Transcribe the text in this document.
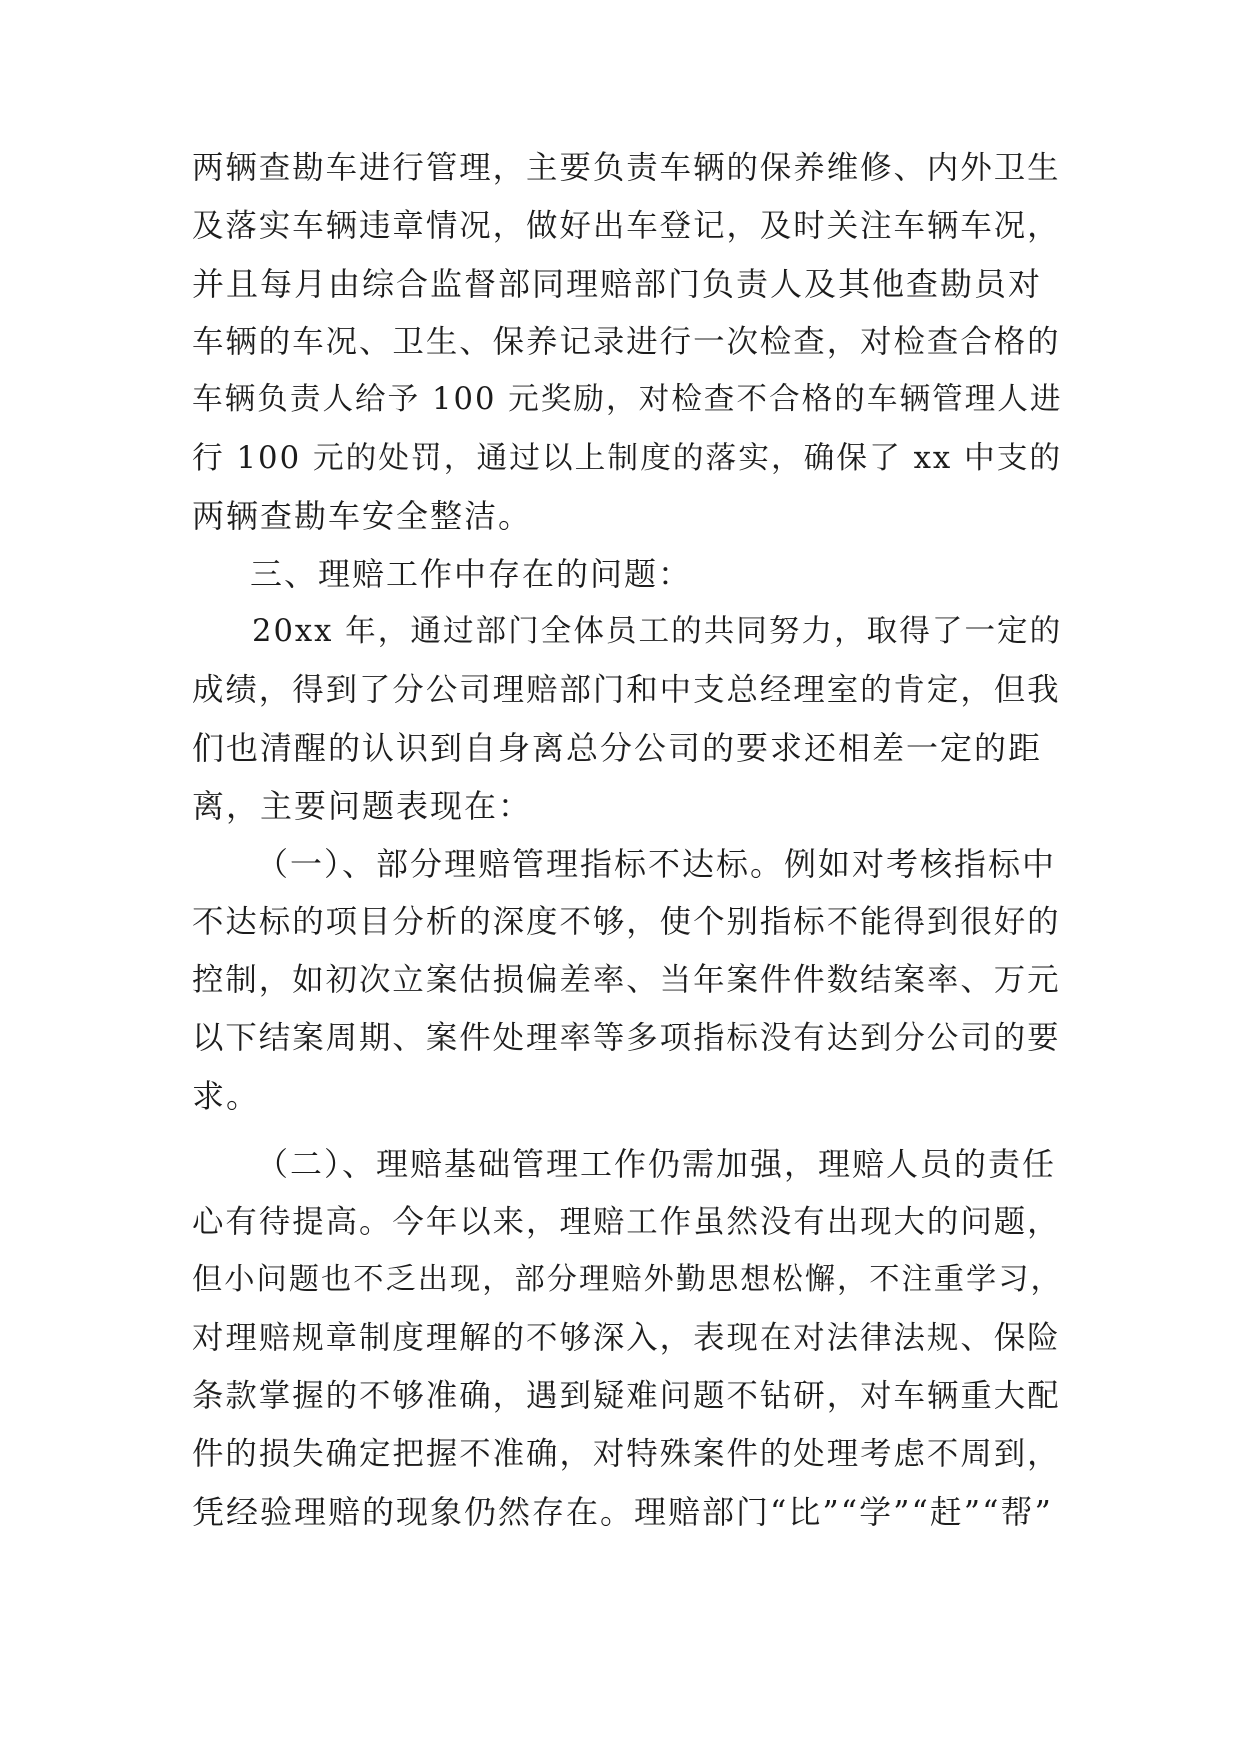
两辆查勘车进行管理，主要负责车辆的保养维修、内外卫生
及落实车辆违章情况，做好出车登记，及时关注车辆车况，
并且每月由综合监督部同理赔部门负责人及其他查勘员对
车辆的车况、卫生、保养记录进行一次检查，对检查合格的
车辆负责人给予 100 元奖励，对检查不合格的车辆管理人进
行 100 元的处罚，通过以上制度的落实，确保了 xx 中支的
两辆查勘车安全整洁。
三、理赔工作中存在的问题：
20xx 年，通过部门全体员工的共同努力，取得了一定的
成绩，得到了分公司理赔部门和中支总经理室的肯定，但我
们也清醒的认识到自身离总分公司的要求还相差一定的距
离，主要问题表现在：
（一）、部分理赔管理指标不达标。例如对考核指标中
不达标的项目分析的深度不够，使个别指标不能得到很好的
控制，如初次立案估损偏差率、当年案件件数结案率、万元
以下结案周期、案件处理率等多项指标没有达到分公司的要
求。
（二）、理赔基础管理工作仍需加强，理赔人员的责任
心有待提高。今年以来，理赔工作虽然没有出现大的问题，
但小问题也不乏出现，部分理赔外勤思想松懈，不注重学习，
对理赔规章制度理解的不够深入，表现在对法律法规、保险
条款掌握的不够准确，遇到疑难问题不钻研，对车辆重大配
件的损失确定把握不准确，对特殊案件的处理考虑不周到，
凭经验理赔的现象仍然存在。理赔部门“比”“学”“赶”“帮”
